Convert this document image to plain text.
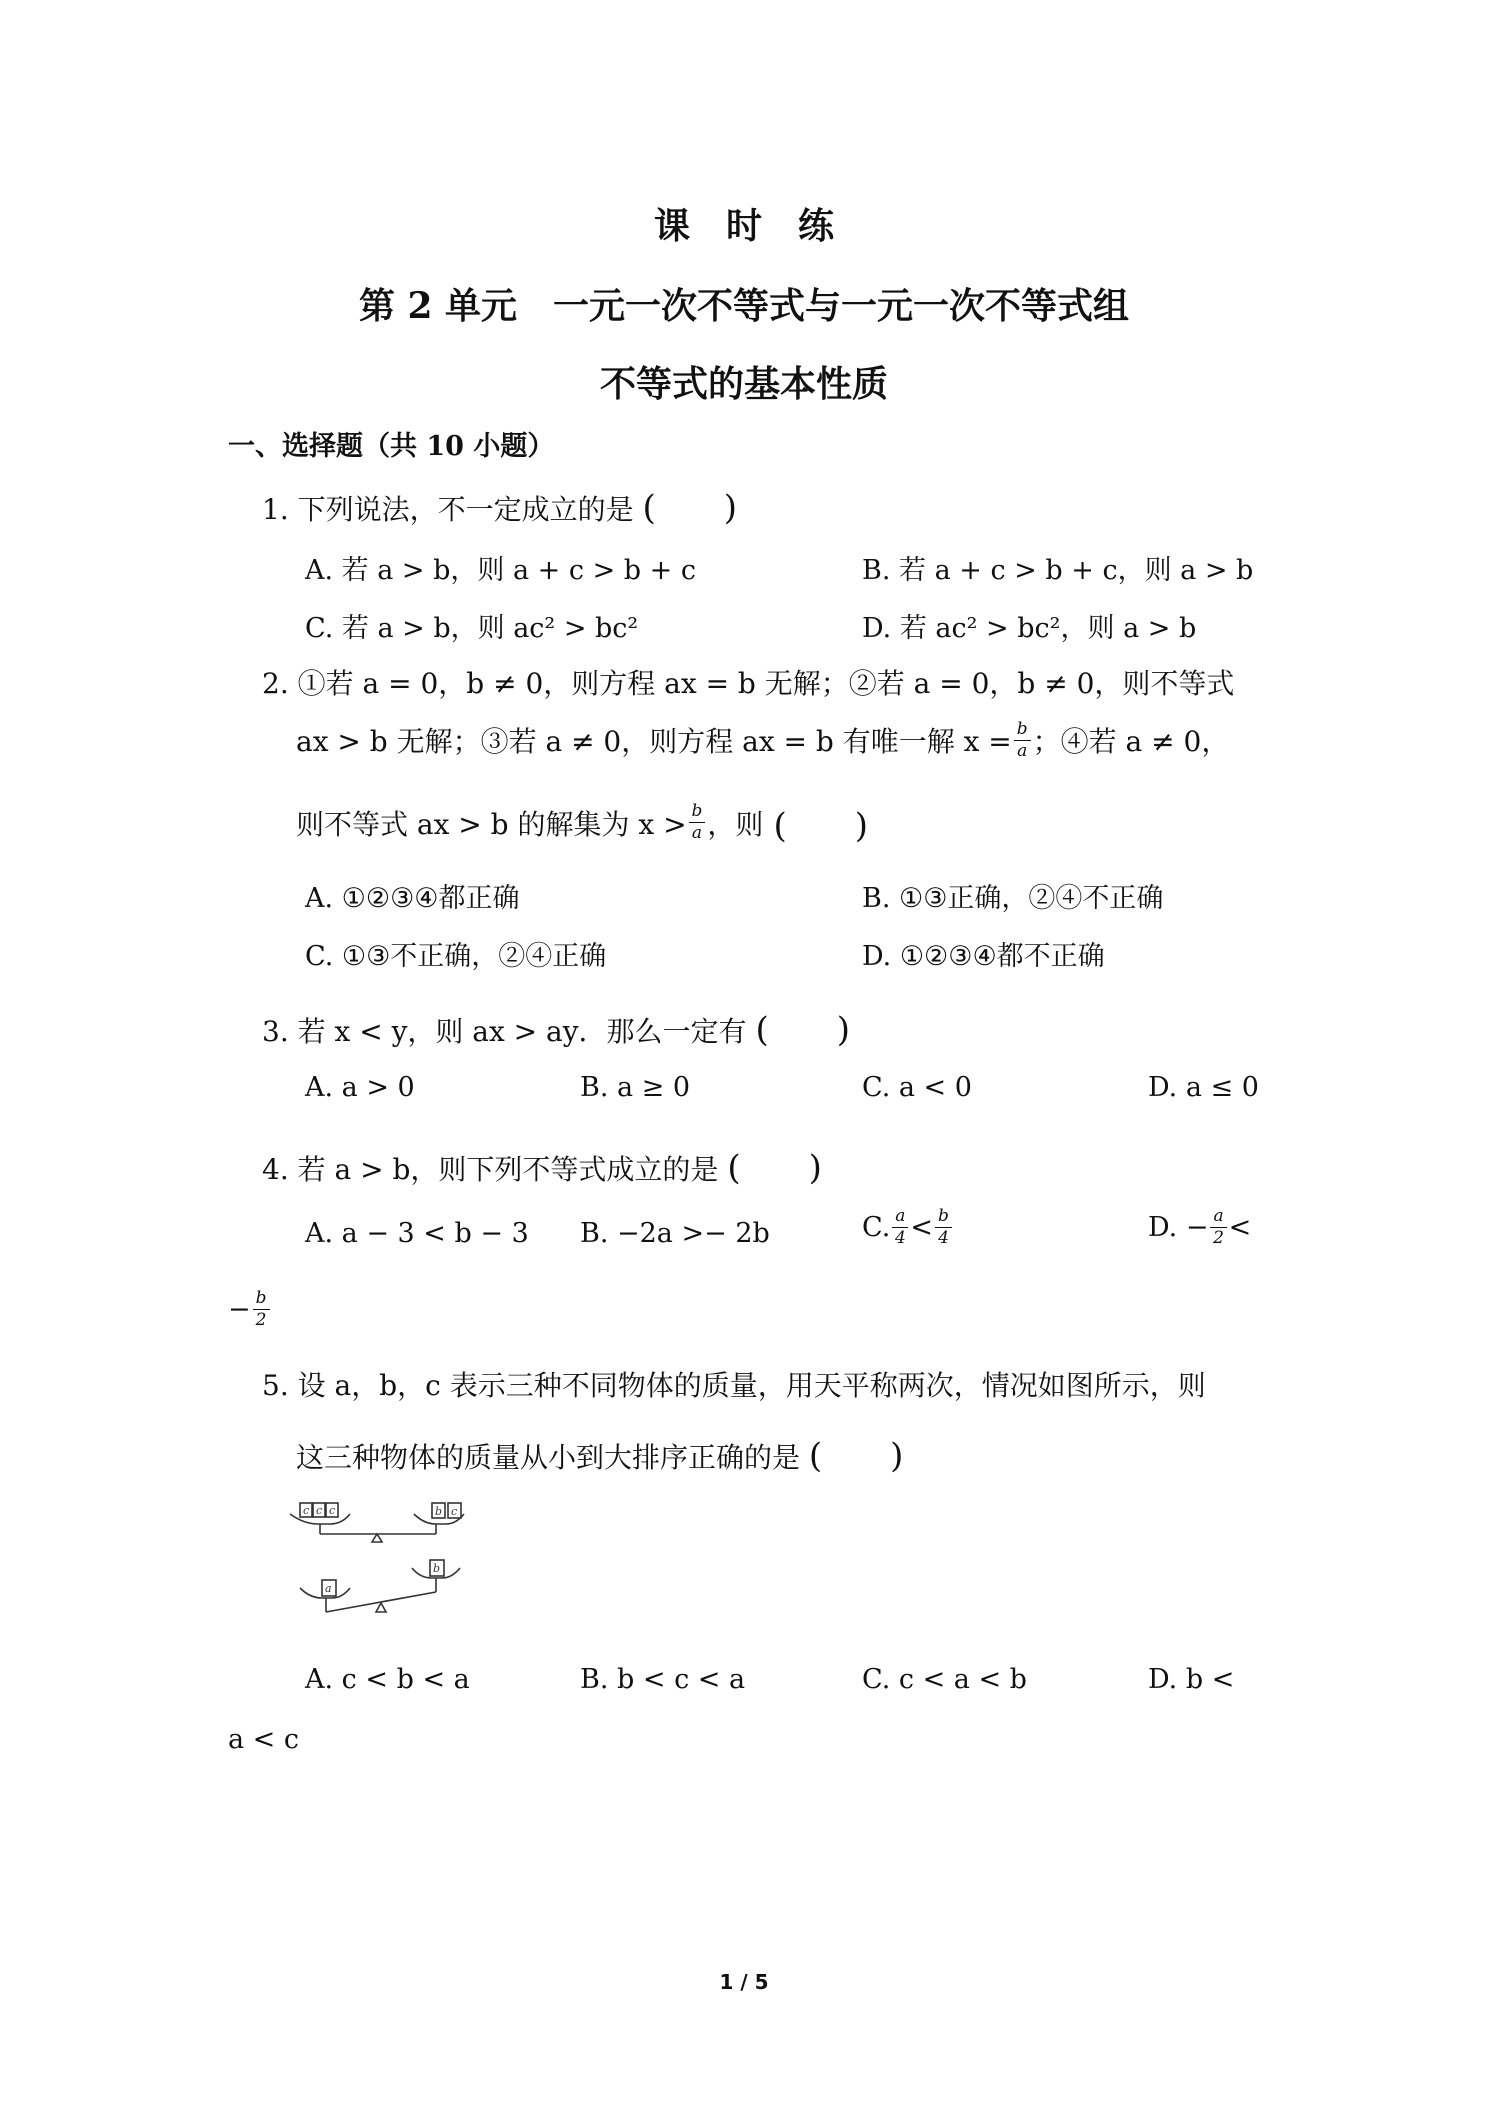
课　时　练
第 2 单元　一元一次不等式与一元一次不等式组
不等式的基本性质
一、选择题（共 10 小题）
1. 下列说法，不一定成立的是 (　　)
A. 若 a > b，则 a + c > b + c	B. 若 a + c > b + c，则 a > b
C. 若 a > b，则 ac² > bc²	D. 若 ac² > bc²，则 a > b
2. ①若 a = 0，b ≠ 0，则方程 ax = b 无解；②若 a = 0，b ≠ 0，则不等式
ax > b 无解；③若 a ≠ 0，则方程 ax = b 有唯一解 $x = \frac{b}{a}$ ；④若 a ≠ 0，
则不等式 ax > b 的解集为 $x > \frac{b}{a}$ ，则 (　　)
A. ①②③④都正确	B. ①③正确，②④不正确
C. ①③不正确，②④正确	D. ①②③④都不正确
3. 若 x < y，则 ax > ay．那么一定有 (　　)
A. a > 0	B. a ≥ 0	C. a < 0	D. a ≤ 0
4. 若 a > b，则下列不等式成立的是 (　　)
A. a − 3 < b − 3 B. −2a >− 2b	C. $\frac{a}{4} < \frac{b}{4}$	D. − $\frac{a}{2}$ <
− $\frac{b}{2}$
5. 设 a，b，c 表示三种不同物体的质量，用天平称两次，情况如图所示，则
这三种物体的质量从小到大排序正确的是 (　　)
c c c	b c
a
b
A. c < b < a	B. b < c < a	C. c < a < b	D. b <
a < c
1 / 5
